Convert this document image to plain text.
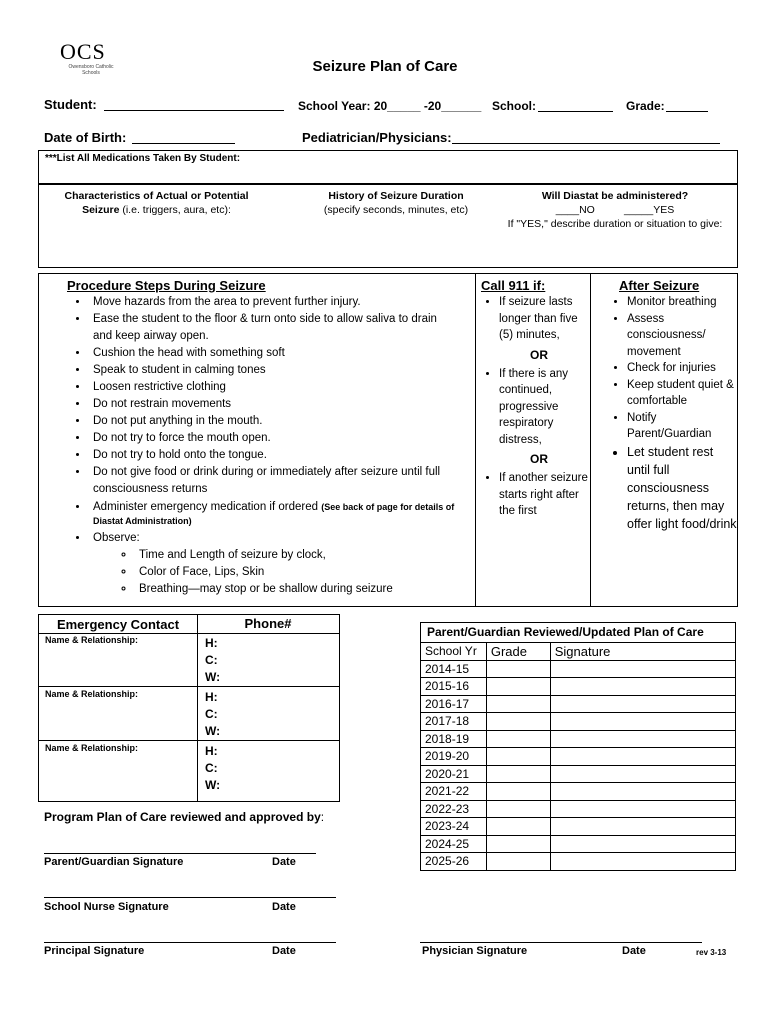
OCS
Owensboro Catholic Schools	Seizure Plan of Care
Student:	School Year: 20_____ -20______ School:	Grade:
Date of Birth:	Pediatrician/Physicians:
***List All Medications Taken By Student:
Characteristics of Actual or Potential
Seizure (i.e. triggers, aura, etc):
History of Seizure Duration
(specify seconds, minutes, etc)
Will Diastat be administered?
____NO	_____YES
If "YES," describe duration or situation to give:
Procedure Steps During Seizure
• Move hazards from the area to prevent further injury.
• Ease the student to the floor & turn onto side to allow saliva to drain and keep airway open.
• Cushion the head with something soft
• Speak to student in calming tones
• Loosen restrictive clothing
• Do not restrain movements
• Do not put anything in the mouth.
• Do not try to force the mouth open.
• Do not try to hold onto the tongue.
• Do not give food or drink during or immediately after seizure until full consciousness returns
• Administer emergency medication if ordered (See back of page for details of Diastat Administration)
• Observe:
◦ Time and Length of seizure by clock,
◦ Color of Face, Lips, Skin
◦ Breathing—may stop or be shallow during seizure
Call 911 if:
• If seizure lasts longer than five (5) minutes,
OR
• If there is any continued, progressive respiratory distress,
OR
• If another seizure starts right after the first
After Seizure
• Monitor breathing
• Assess consciousness/ movement
• Check for injuries
• Keep student quiet & comfortable
• Notify Parent/Guardian
• Let student rest until full consciousness returns, then may offer light food/drink
Emergency Contact	Phone#
Name & Relationship:	H:
C:
W:
Name & Relationship:	H:
C:
W:
Name & Relationship:	H:
C:
W:
Parent/Guardian Reviewed/Updated Plan of Care
School Yr	Grade	Signature
2014-15		
2015-16		
2016-17		
2017-18		
2018-19		
2019-20		
2020-21		
2021-22		
2022-23		
2023-24		
2024-25		
2025-26		
Program Plan of Care reviewed and approved by:
Parent/Guardian Signature	Date
School Nurse Signature	Date
Principal Signature	Date	Physician Signature	Date	rev 3-13
